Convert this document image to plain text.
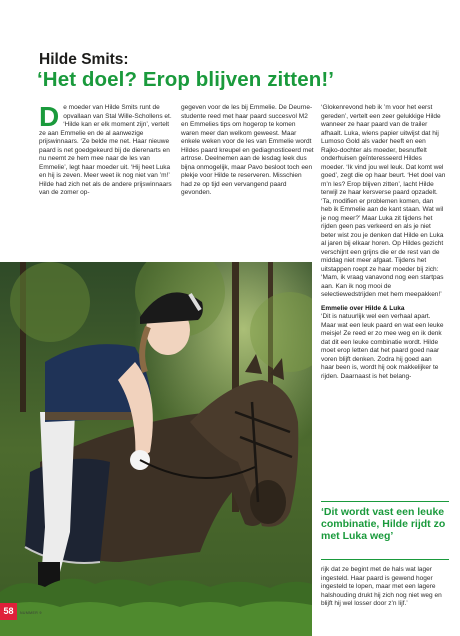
Hilde Smits:
‘Het doel? Erop blijven zitten!’

De moeder van Hilde Smits runt de opvallaan van Stal Wille-Schollens et. ‘Hilde kan er elk moment zijn’, vertelt ze aan Emmelie en de al aanwezige prijswinnaars. ‘Ze belde me net. Haar nieuwe paard is net goedgekeurd bij de dierenarts en nu neemt ze hem mee naar de les van Emmelie’, legt haar moeder uit. ‘Hij heet Luka en hij is zeven. Meer weet ik nog niet van ’m!’ Hilde had zich net als de andere prijswinnaars van de zomer op-

gegeven voor de les bij Emmelie. De Deurne-studente reed met haar paard succesvol M2 en Emmelies tips om hogerop te komen waren meer dan welkom geweest. Maar enkele weken voor de les van Emmelie wordt Hildes paard kreupel en gediagnosticeerd met artrose. Deelnemen aan de lesdag leek dus bijna onmogelijk, maar Pavo besloot toch een plekje voor Hilde te reserveren. Misschien had ze op tijd een vervangend paard gevonden.

‘Glokenrevond heb ik ’m voor het eerst gereden’, vertelt een zeer gelukkige Hilde wanneer ze haar paard van de trailer afhaalt. Luka, wiens papier uitwijst dat hij Lumoso Gold als vader heeft en een Rajko-dochter als moeder, besnuffelt onderhuisen geïnteresseerd Hildes moeder. ‘Ik vind jou wel leuk. Dat komt wel goed’, zegt die op haar beurt. ‘Het doel van m’n les? Erop blijven zitten’, lacht Hilde terwijl ze haar kersverse paard opzadelt. ‘Ta, modifien er problemen komen, dan heb ik Emmelie aan de kant staan. Wat wil je nog meer?’ Maar Luka zit tijdens het rijden geen pas verkeerd en als je niet beter wist zou je denken dat Hilde en Luka al jaren bij elkaar horen. Op Hildes gezicht verschijnt een grijns die er de rest van de middag niet meer afgaat. Tijdens het uitstappen roept ze haar moeder bij zich: ‘Mam, ik vraag vanavond nog een startpas aan. Kan ik nog mooi de selectiewedstrijden met hem meepakken!’

Emmelie over Hilde & Luka

‘Dit is natuurlijk wel een verhaal apart. Maar wat een leuk paard en wat een leuke meisje! Ze reed er zo mee weg en ik denk dat dit een leuke combinatie wordt. Hilde moet erop letten dat het paard goed naar voren blijft denken. Zodra hij goed aan haar been is, wordt hij ook makkelijker te rijden. Daarnaast is het belang-

‘Dit wordt vast een leuke combinatie, Hilde rijdt zo met Luka weg’

rijk dat ze begint met de hals wat lager ingesteld. Haar paard is gewend hoger ingesteld te lopen, maar met een lagere halshouding drukt hij zich nog niet weg en blijft hij wel losser door z’n lijf.’

58	NUMMER 9
